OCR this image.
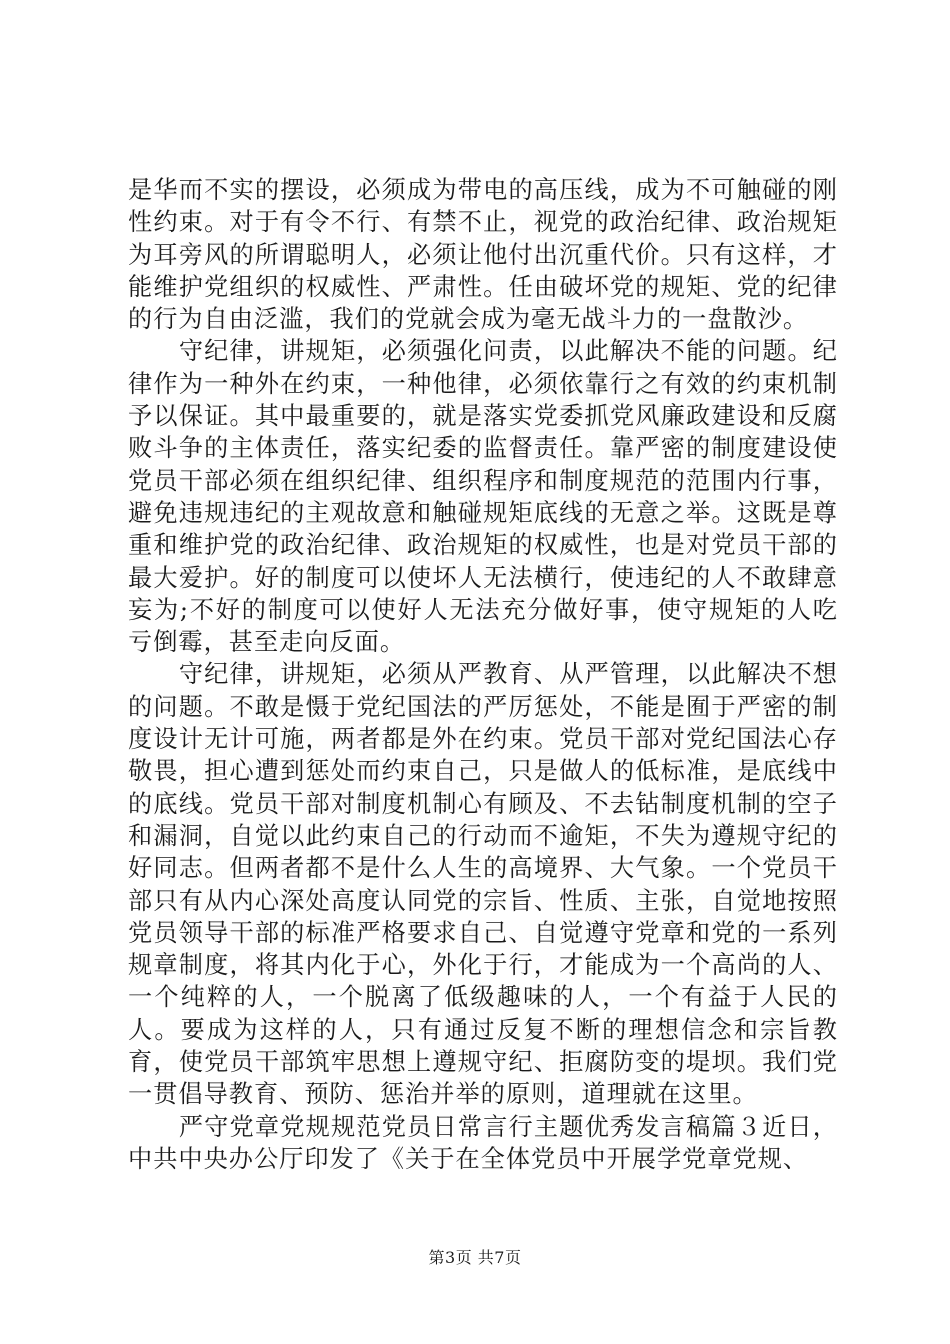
是华而不实的摆设，必须成为带电的高压线，成为不可触碰的刚性约束。对于有令不行、有禁不止，视党的政治纪律、政治规矩为耳旁风的所谓聪明人，必须让他付出沉重代价。只有这样，才能维护党组织的权威性、严肃性。任由破坏党的规矩、党的纪律的行为自由泛滥，我们的党就会成为毫无战斗力的一盘散沙。

守纪律，讲规矩，必须强化问责，以此解决不能的问题。纪律作为一种外在约束，一种他律，必须依靠行之有效的约束机制予以保证。其中最重要的，就是落实党委抓党风廉政建设和反腐败斗争的主体责任，落实纪委的监督责任。靠严密的制度建设使党员干部必须在组织纪律、组织程序和制度规范的范围内行事，避免违规违纪的主观故意和触碰规矩底线的无意之举。这既是尊重和维护党的政治纪律、政治规矩的权威性，也是对党员干部的最大爱护。好的制度可以使坏人无法横行，使违纪的人不敢肆意妄为;不好的制度可以使好人无法充分做好事，使守规矩的人吃亏倒霉，甚至走向反面。

守纪律，讲规矩，必须从严教育、从严管理，以此解决不想的问题。不敢是慑于党纪国法的严厉惩处，不能是囿于严密的制度设计无计可施，两者都是外在约束。党员干部对党纪国法心存敬畏，担心遭到惩处而约束自己，只是做人的低标准，是底线中的底线。党员干部对制度机制心有顾及、不去钻制度机制的空子和漏洞，自觉以此约束自己的行动而不逾矩，不失为遵规守纪的好同志。但两者都不是什么人生的高境界、大气象。一个党员干部只有从内心深处高度认同党的宗旨、性质、主张，自觉地按照党员领导干部的标准严格要求自己、自觉遵守党章和党的一系列规章制度，将其内化于心，外化于行，才能成为一个高尚的人、一个纯粹的人，一个脱离了低级趣味的人，一个有益于人民的人。要成为这样的人，只有通过反复不断的理想信念和宗旨教育，使党员干部筑牢思想上遵规守纪、拒腐防变的堤坝。我们党一贯倡导教育、预防、惩治并举的原则，道理就在这里。

严守党章党规规范党员日常言行主题优秀发言稿篇３近日，中共中央办公厅印发了《关于在全体党员中开展学党章党规、

第3页 共7页
